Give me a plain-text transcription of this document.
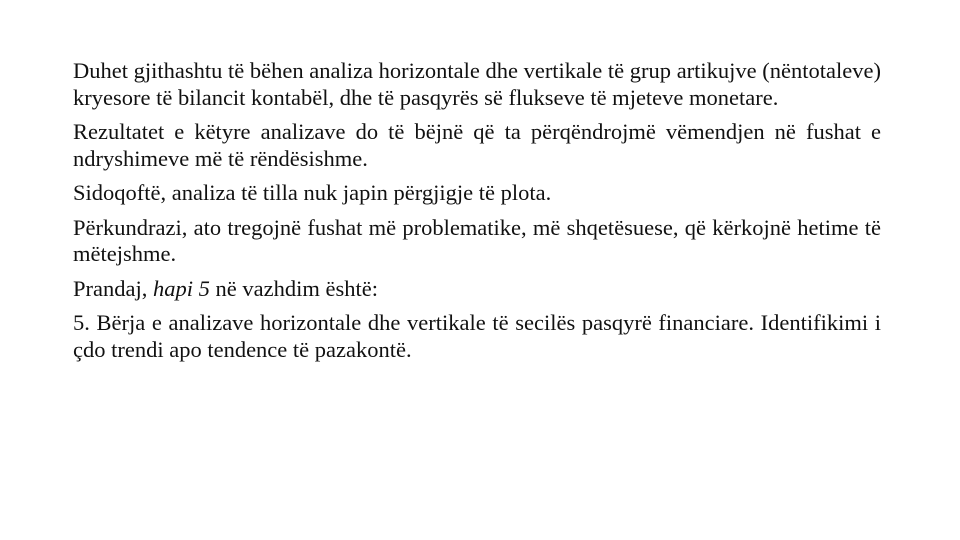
Duhet gjithashtu të bëhen analiza horizontale dhe vertikale të grup artikujve (nëntotaleve) kryesore të bilancit kontabël, dhe të pasqyrës së flukseve të mjeteve monetare.

Rezultatet e këtyre analizave do të bëjnë që ta përqëndrojmë vëmendjen në fushat e ndryshimeve më të rëndësishme.

Sidoqoftë, analiza të tilla nuk japin përgjigje të plota.

Përkundrazi, ato tregojnë fushat më problematike, më shqetësuese, që kërkojnë hetime të mëtejshme.

Prandaj, hapi 5 në vazhdim është:

5. Bërja e analizave horizontale dhe vertikale të secilës pasqyrë financiare. Identifikimi i çdo trendi apo tendence të pazakontë.
